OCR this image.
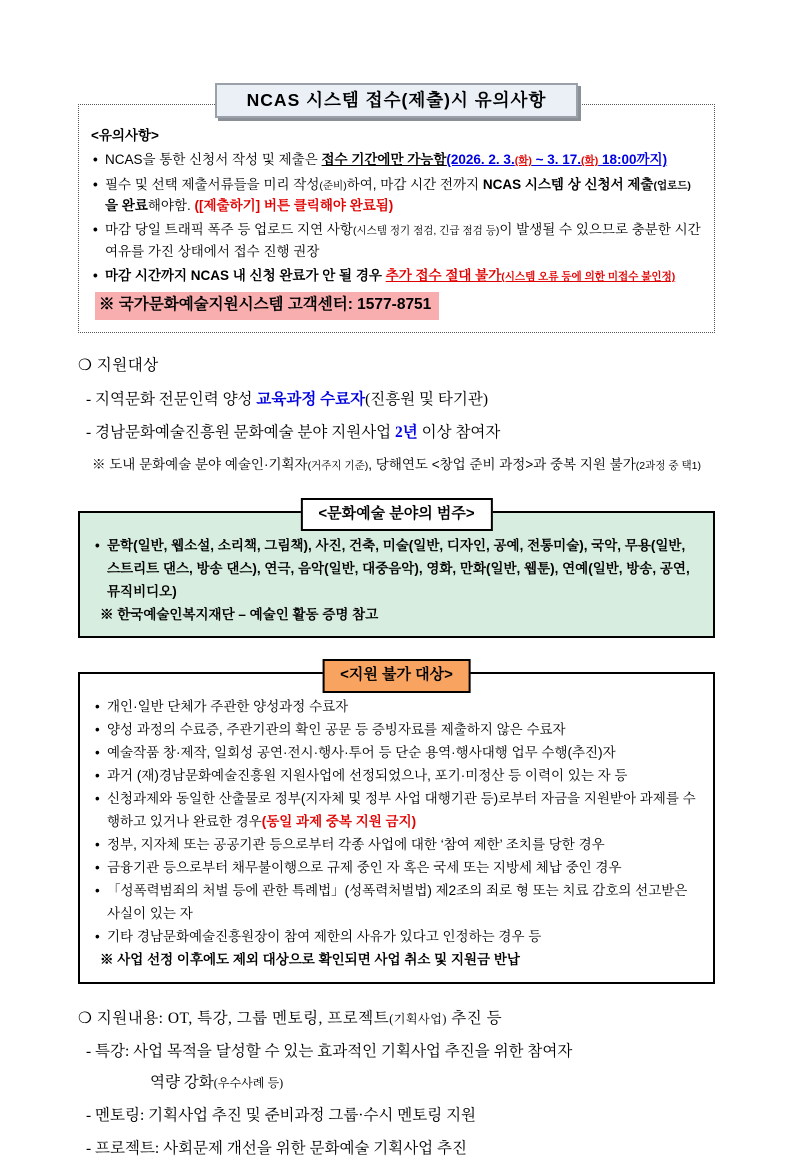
NCAS 시스템 접수(제출)시 유의사항
<유의사항>
• NCAS을 통한 신청서 작성 및 제출은 접수 기간에만 가능함(2026. 2. 3.(화) ~ 3. 17.(화) 18:00까지)
• 필수 및 선택 제출서류들을 미리 작성(준비)하여, 마감 시간 전까지 NCAS 시스템 상 신청서 제출(업로드)을 완료해야함. ([제출하기] 버튼 클릭해야 완료됨)
• 마감 당일 트래픽 폭주 등 업로드 지연 사항(시스템 정기 점검, 긴급 점검 등)이 발생될 수 있으므로 충분한 시간 여유를 가진 상태에서 접수 진행 권장
• 마감 시간까지 NCAS 내 신청 완료가 안 될 경우 추가 접수 절대 불가(시스템 오류 등에 의한 미접수 불인정)
※ 국가문화예술지원시스템 고객센터: 1577-8751

❍ 지원대상

- 지역문화 전문인력 양성 교육과정 수료자(진흥원 및 타기관)

- 경남문화예술진흥원 문화예술 분야 지원사업 2년 이상 참여자

※ 도내 문화예술 분야 예술인·기획자(거주지 기준), 당해연도 <창업 준비 과정>과 중복 지원 불가(2과정 중 택1)

<문화예술 분야의 범주>
• 문학(일반, 웹소설, 소리책, 그림책), 사진, 건축, 미술(일반, 디자인, 공예, 전통미술), 국악, 무용(일반, 스트리트 댄스, 방송 댄스), 연극, 음악(일반, 대중음악), 영화, 만화(일반, 웹툰), 연예(일반, 방송, 공연, 뮤직비디오)
※ 한국예술인복지재단 – 예술인 활동 증명 참고
<지원 불가 대상>
• 개인·일반 단체가 주관한 양성과정 수료자
• 양성 과정의 수료증, 주관기관의 확인 공문 등 증빙자료를 제출하지 않은 수료자
• 예술작품 창·제작, 일회성 공연·전시·행사·투어 등 단순 용역·행사대행 업무 수행(추진)자
• 과거 (재)경남문화예술진흥원 지원사업에 선정되었으나, 포기·미정산 등 이력이 있는 자 등
• 신청과제와 동일한 산출물로 정부(지자체 및 정부 사업 대행기관 등)로부터 자금을 지원받아 과제를 수행하고 있거나 완료한 경우(동일 과제 중복 지원 금지)
• 정부, 지자체 또는 공공기관 등으로부터 각종 사업에 대한 ‘참여 제한’ 조치를 당한 경우
• 금융기관 등으로부터 채무불이행으로 규제 중인 자 혹은 국세 또는 지방세 체납 중인 경우
• 「성폭력범죄의 처벌 등에 관한 특례법」(성폭력처벌법) 제2조의 죄로 형 또는 치료 감호의 선고받은 사실이 있는 자
• 기타 경남문화예술진흥원장이 참여 제한의 사유가 있다고 인정하는 경우 등
※ 사업 선정 이후에도 제외 대상으로 확인되면 사업 취소 및 지원금 반납

❍ 지원내용: OT, 특강, 그룹 멘토링, 프로젝트(기획사업) 추진 등

- 특강: 사업 목적을 달성할 수 있는 효과적인 기획사업 추진을 위한 참여자

역량 강화(우수사례 등)

- 멘토링: 기획사업 추진 및 준비과정 그룹·수시 멘토링 지원

- 프로젝트: 사회문제 개선을 위한 문화예술 기획사업 추진
